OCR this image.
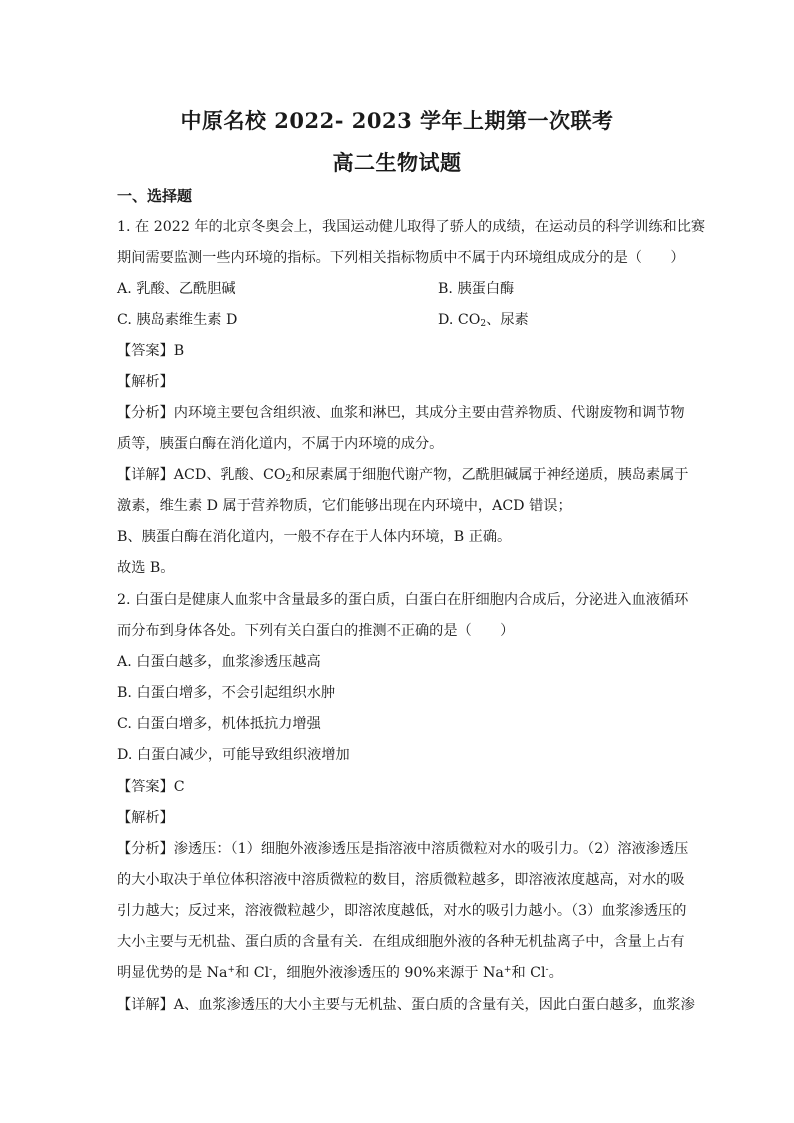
中原名校 2022- 2023 学年上期第一次联考
高二生物试题
一、选择题
1. 在 2022 年的北京冬奥会上，我国运动健儿取得了骄人的成绩，在运动员的科学训练和比赛
期间需要监测一些内环境的指标。下列相关指标物质中不属于内环境组成成分的是（　　）
A. 乳酸、乙酰胆碱	B. 胰蛋白酶
C. 胰岛素维生素 D	D. $CO_2$、尿素
【答案】B
【解析】
【分析】内环境主要包含组织液、血浆和淋巴，其成分主要由营养物质、代谢废物和调节物
质等，胰蛋白酶在消化道内，不属于内环境的成分。
【详解】ACD、乳酸、$CO_2$和尿素属于细胞代谢产物，乙酰胆碱属于神经递质，胰岛素属于
激素，维生素 D 属于营养物质，它们能够出现在内环境中，ACD 错误；
B、胰蛋白酶在消化道内，一般不存在于人体内环境，B 正确。
故选 B。
2. 白蛋白是健康人血浆中含量最多的蛋白质，白蛋白在肝细胞内合成后，分泌进入血液循环
而分布到身体各处。下列有关白蛋白的推测不正确的是（　　）
A. 白蛋白越多，血浆渗透压越高
B. 白蛋白增多，不会引起组织水肿
C. 白蛋白增多，机体抵抗力增强
D. 白蛋白减少，可能导致组织液增加
【答案】C
【解析】
【分析】渗透压：（1）细胞外液渗透压是指溶液中溶质微粒对水的吸引力。（2）溶液渗透压
的大小取决于单位体积溶液中溶质微粒的数目，溶质微粒越多，即溶液浓度越高，对水的吸
引力越大；反过来，溶液微粒越少，即溶浓度越低，对水的吸引力越小。（3）血浆渗透压的
大小主要与无机盐、蛋白质的含量有关．在组成细胞外液的各种无机盐离子中，含量上占有
明显优势的是 Na+和 Cl-，细胞外液渗透压的 90%来源于 Na+和 Cl-。
【详解】A、血浆渗透压的大小主要与无机盐、蛋白质的含量有关，因此白蛋白越多，血浆渗
